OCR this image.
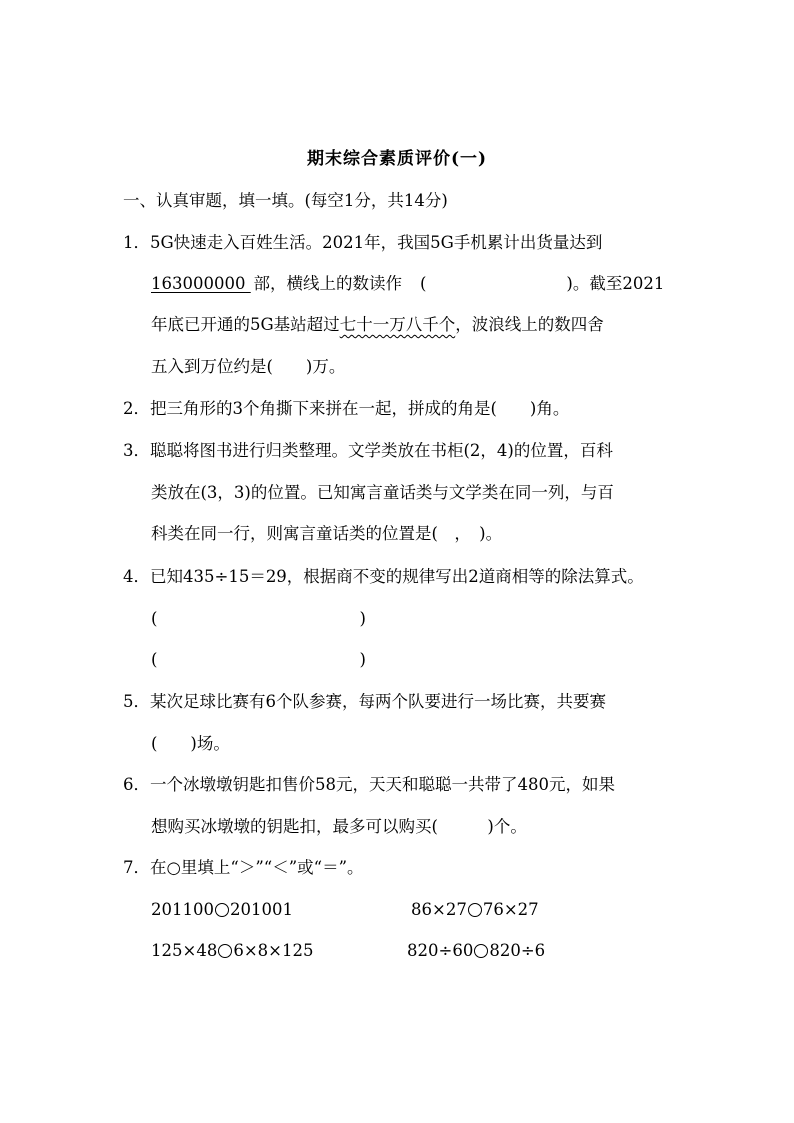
期末综合素质评价(一)
一、认真审题，填一填。(每空1分，共14分)
1．5G快速走入百姓生活。2021年，我国5G手机累计出货量达到
163000000 部，横线上的数读作 (	)。截至2021
年底已开通的5G基站超过七十一万八千个，波浪线上的数四舍
五入到万位约是(　　)万。
2．把三角形的3个角撕下来拼在一起，拼成的角是(　　)角。
3．聪聪将图书进行归类整理。文学类放在书柜(2，4)的位置，百科
类放在(3，3)的位置。已知寓言童话类与文学类在同一列，与百
科类在同一行，则寓言童话类的位置是(　，　)。
4．已知435÷15＝29，根据商不变的规律写出2道商相等的除法算式。
(	)
(	)
5．某次足球比赛有6个队参赛，每两个队要进行一场比赛，共要赛
(　　)场。
6．一个冰墩墩钥匙扣售价58元，天天和聪聪一共带了480元，如果
想购买冰墩墩的钥匙扣，最多可以购买(　　　)个。
7．在○里填上“＞”“＜”或“＝”。
201100 201001	86×27 76×27
125×48 6×8×125	820÷60 820÷6
